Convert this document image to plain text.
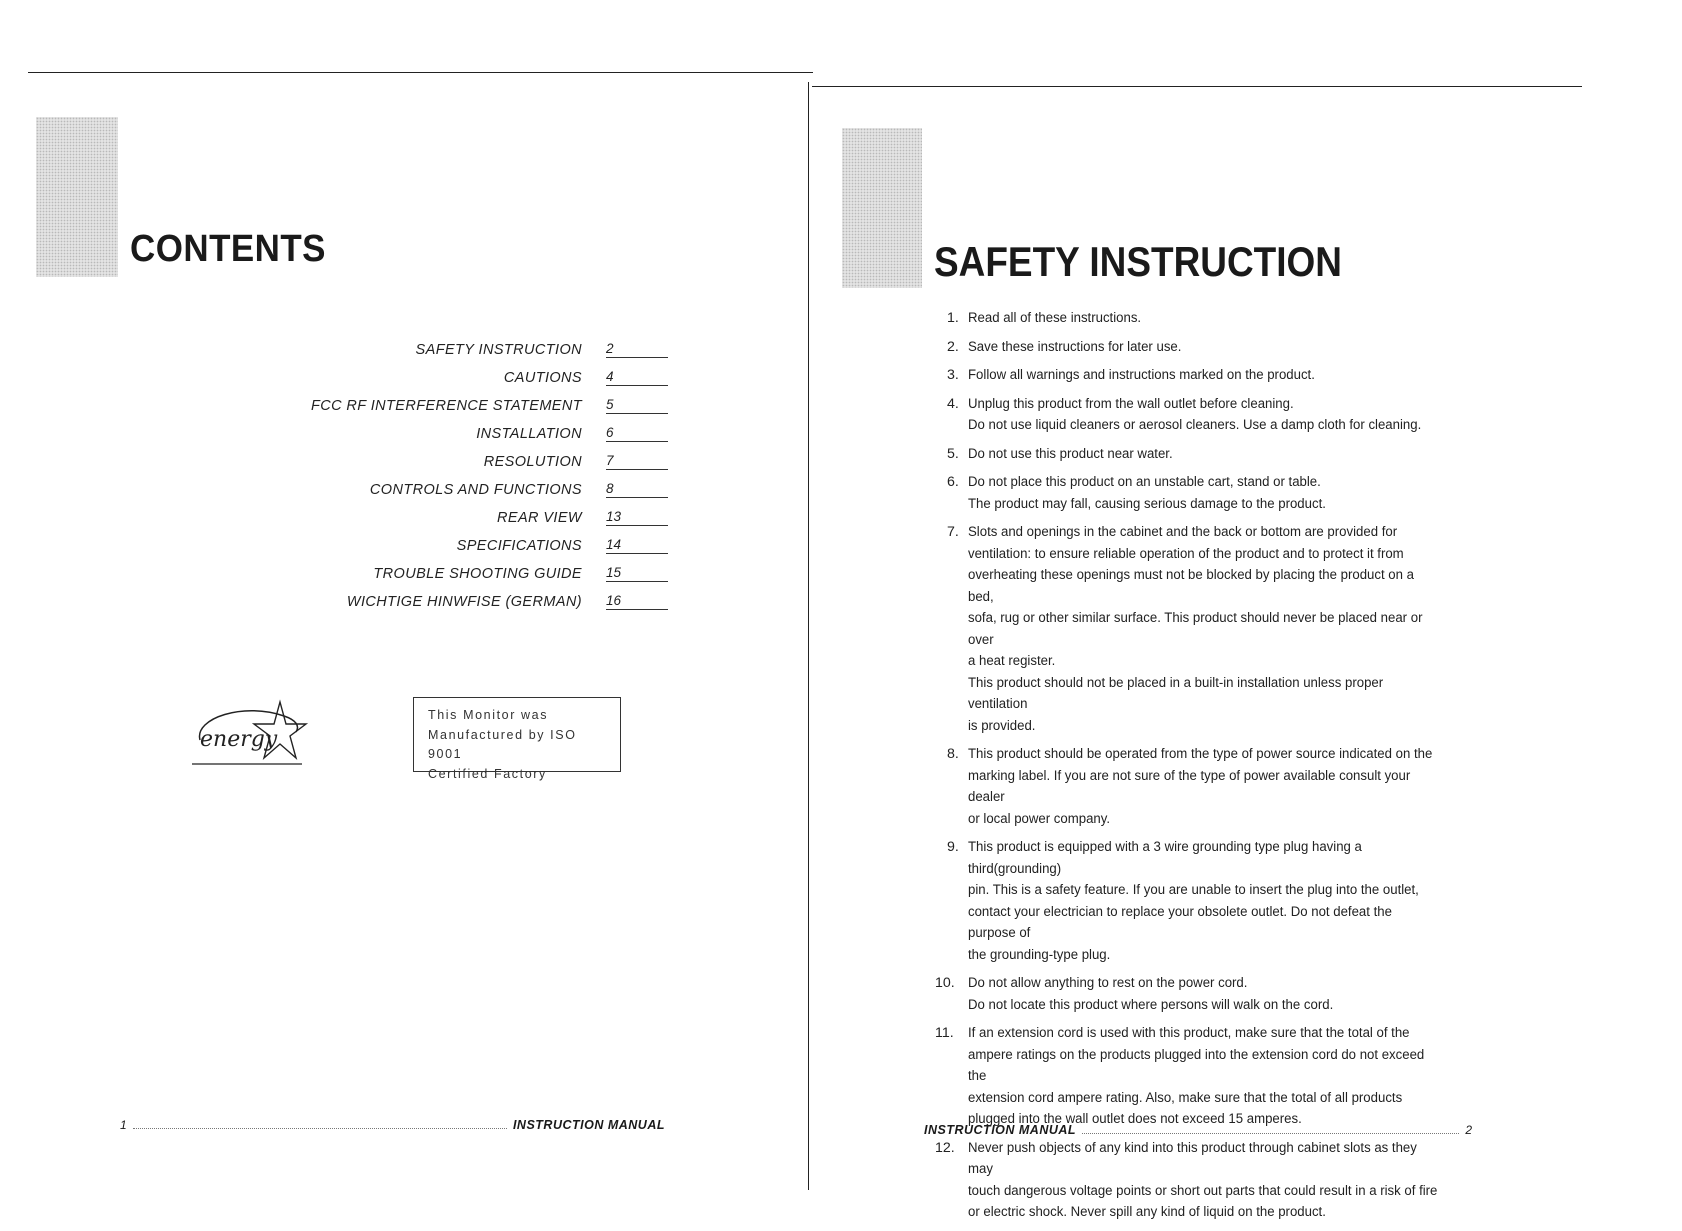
CONTENTS
SAFETY INSTRUCTION 2
CAUTIONS 4
FCC RF INTERFERENCE STATEMENT 5
INSTALLATION 6
RESOLUTION 7
CONTROLS AND FUNCTIONS 8
REAR VIEW 13
SPECIFICATIONS 14
TROUBLE SHOOTING GUIDE 15
WICHTIGE HINWFISE (GERMAN) 16
energy
This Monitor was
Manufactured by ISO 9001
Certified Factory
1	INSTRUCTION MANUAL
SAFETY INSTRUCTION
1. Read all of these instructions.
2. Save these instructions for later use.
3. Follow all warnings and instructions marked on the product.
4. Unplug this product from the wall outlet before cleaning.
Do not use liquid cleaners or aerosol cleaners. Use a damp cloth for cleaning.
5. Do not use this product near water.
6. Do not place this product on an unstable cart, stand or table.
The product may fall, causing serious damage to the product.
7. Slots and openings in the cabinet and the back or bottom are provided for
ventilation: to ensure reliable operation of the product and to protect it from
overheating these openings must not be blocked by placing the product on a bed,
sofa, rug or other similar surface. This product should never be placed near or over
a heat register.
This product should not be placed in a built-in installation unless proper ventilation
is provided.
8. This product should be operated from the type of power source indicated on the
marking label. If you are not sure of the type of power available consult your dealer
or local power company.
9. This product is equipped with a 3 wire grounding type plug having a third(grounding)
pin. This is a safety feature. If you are unable to insert the plug into the outlet,
contact your electrician to replace your obsolete outlet. Do not defeat the purpose of
the grounding-type plug.
10. Do not allow anything to rest on the power cord.
Do not locate this product where persons will walk on the cord.
11.	If an extension cord is used with this product, make sure that the total of the
ampere ratings on the products plugged into the extension cord do not exceed the
extension cord ampere rating. Also, make sure that the total of all products
plugged into the wall outlet does not exceed 15 amperes.
12. Never push objects of any kind into this product through cabinet slots as they may
touch dangerous voltage points or short out parts that could result in a risk of fire
or electric shock. Never spill any kind of liquid on the product.
INSTRUCTION MANUAL	2
